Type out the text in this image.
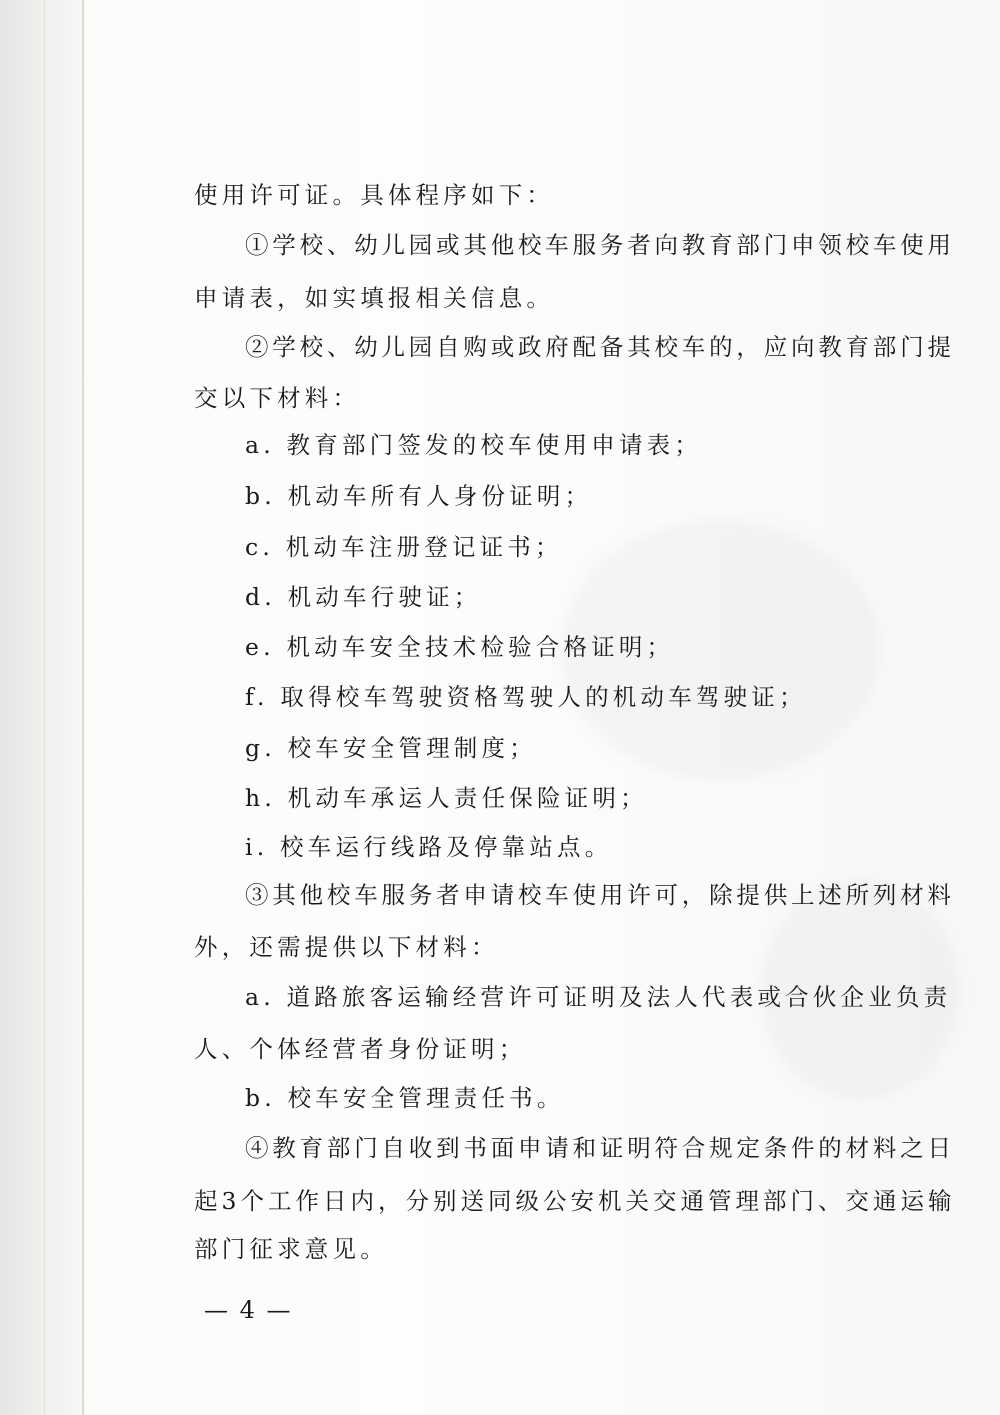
使用许可证。具体程序如下：

①学校、幼儿园或其他校车服务者向教育部门申领校车使用

申请表，如实填报相关信息。

②学校、幼儿园自购或政府配备其校车的，应向教育部门提

交以下材料：

a. 教育部门签发的校车使用申请表；

b. 机动车所有人身份证明；

c. 机动车注册登记证书；

d. 机动车行驶证；

e. 机动车安全技术检验合格证明；

f. 取得校车驾驶资格驾驶人的机动车驾驶证；

g. 校车安全管理制度；

h. 机动车承运人责任保险证明；

i. 校车运行线路及停靠站点。

③其他校车服务者申请校车使用许可，除提供上述所列材料

外，还需提供以下材料：

a. 道路旅客运输经营许可证明及法人代表或合伙企业负责

人、个体经营者身份证明；

b. 校车安全管理责任书。

④教育部门自收到书面申请和证明符合规定条件的材料之日

起3个工作日内，分别送同级公安机关交通管理部门、交通运输

部门征求意见。

— 4 —
